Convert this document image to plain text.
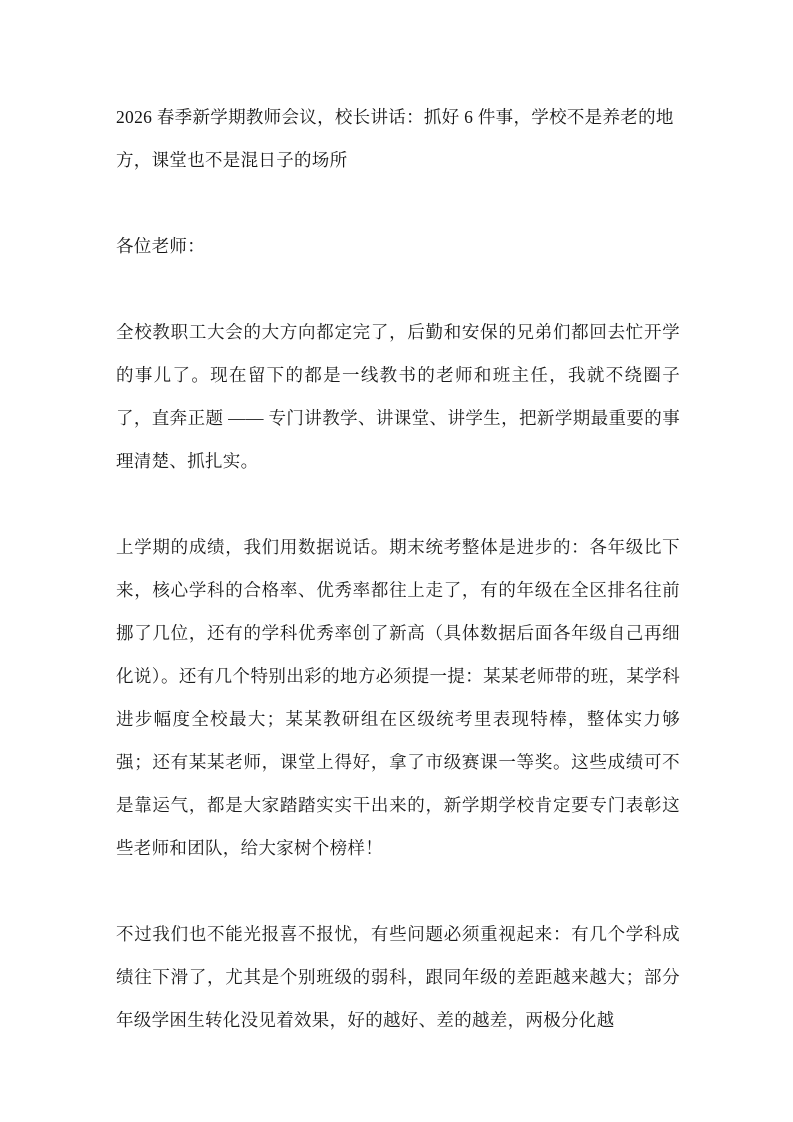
2026 春季新学期教师会议，校长讲话：抓好 6 件事，学校不是养老的地方，课堂也不是混日子的场所

各位老师：

全校教职工大会的大方向都定完了，后勤和安保的兄弟们都回去忙开学的事儿了。现在留下的都是一线教书的老师和班主任，我就不绕圈子了，直奔正题 —— 专门讲教学、讲课堂、讲学生，把新学期最重要的事理清楚、抓扎实。

上学期的成绩，我们用数据说话。期末统考整体是进步的：各年级比下来，核心学科的合格率、优秀率都往上走了，有的年级在全区排名往前挪了几位，还有的学科优秀率创了新高（具体数据后面各年级自己再细化说）。还有几个特别出彩的地方必须提一提：某某老师带的班，某学科进步幅度全校最大；某某教研组在区级统考里表现特棒，整体实力够强；还有某某老师，课堂上得好，拿了市级赛课一等奖。这些成绩可不是靠运气，都是大家踏踏实实干出来的，新学期学校肯定要专门表彰这些老师和团队，给大家树个榜样！

不过我们也不能光报喜不报忧，有些问题必须重视起来：有几个学科成绩往下滑了，尤其是个别班级的弱科，跟同年级的差距越来越大；部分年级学困生转化没见着效果，好的越好、差的越差，两极分化越
